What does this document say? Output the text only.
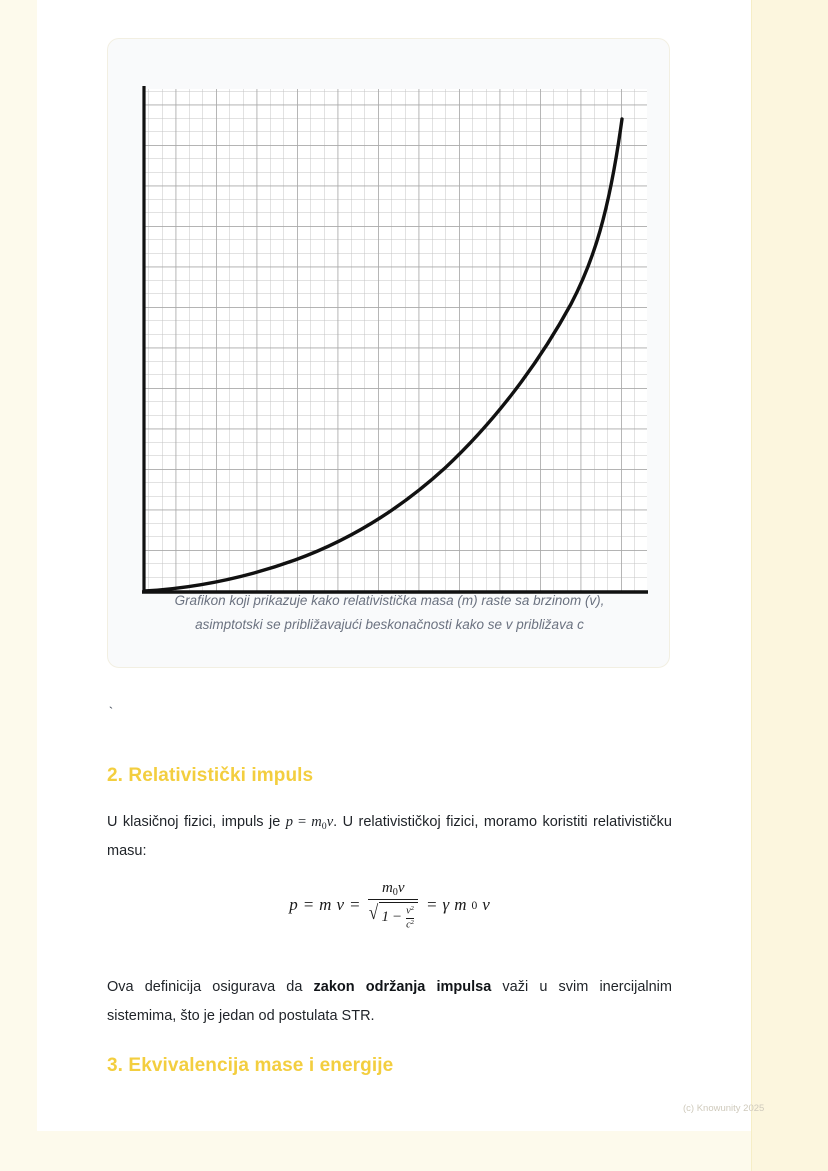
Grafikon koji prikazuje kako relativistička masa (m) raste sa brzinom (v),
asimptotski se približavajući beskonačnosti kako se v približava c
`
2. Relativistički impuls

U klasičnoj fizici, impuls je $p = m_0v$. U relativističkoj fizici, moramo koristiti relativističku masu:

p = m v =
$m_0v$
√ $1 - v^2$
$c^2$
= γ m 0 v

Ova definicija osigurava da zakon održanja impulsa važi u svim inercijalnim sistemima, što je jedan od postulata STR.

3. Ekvivalencija mase i energije
(c) Knowunity 2025
